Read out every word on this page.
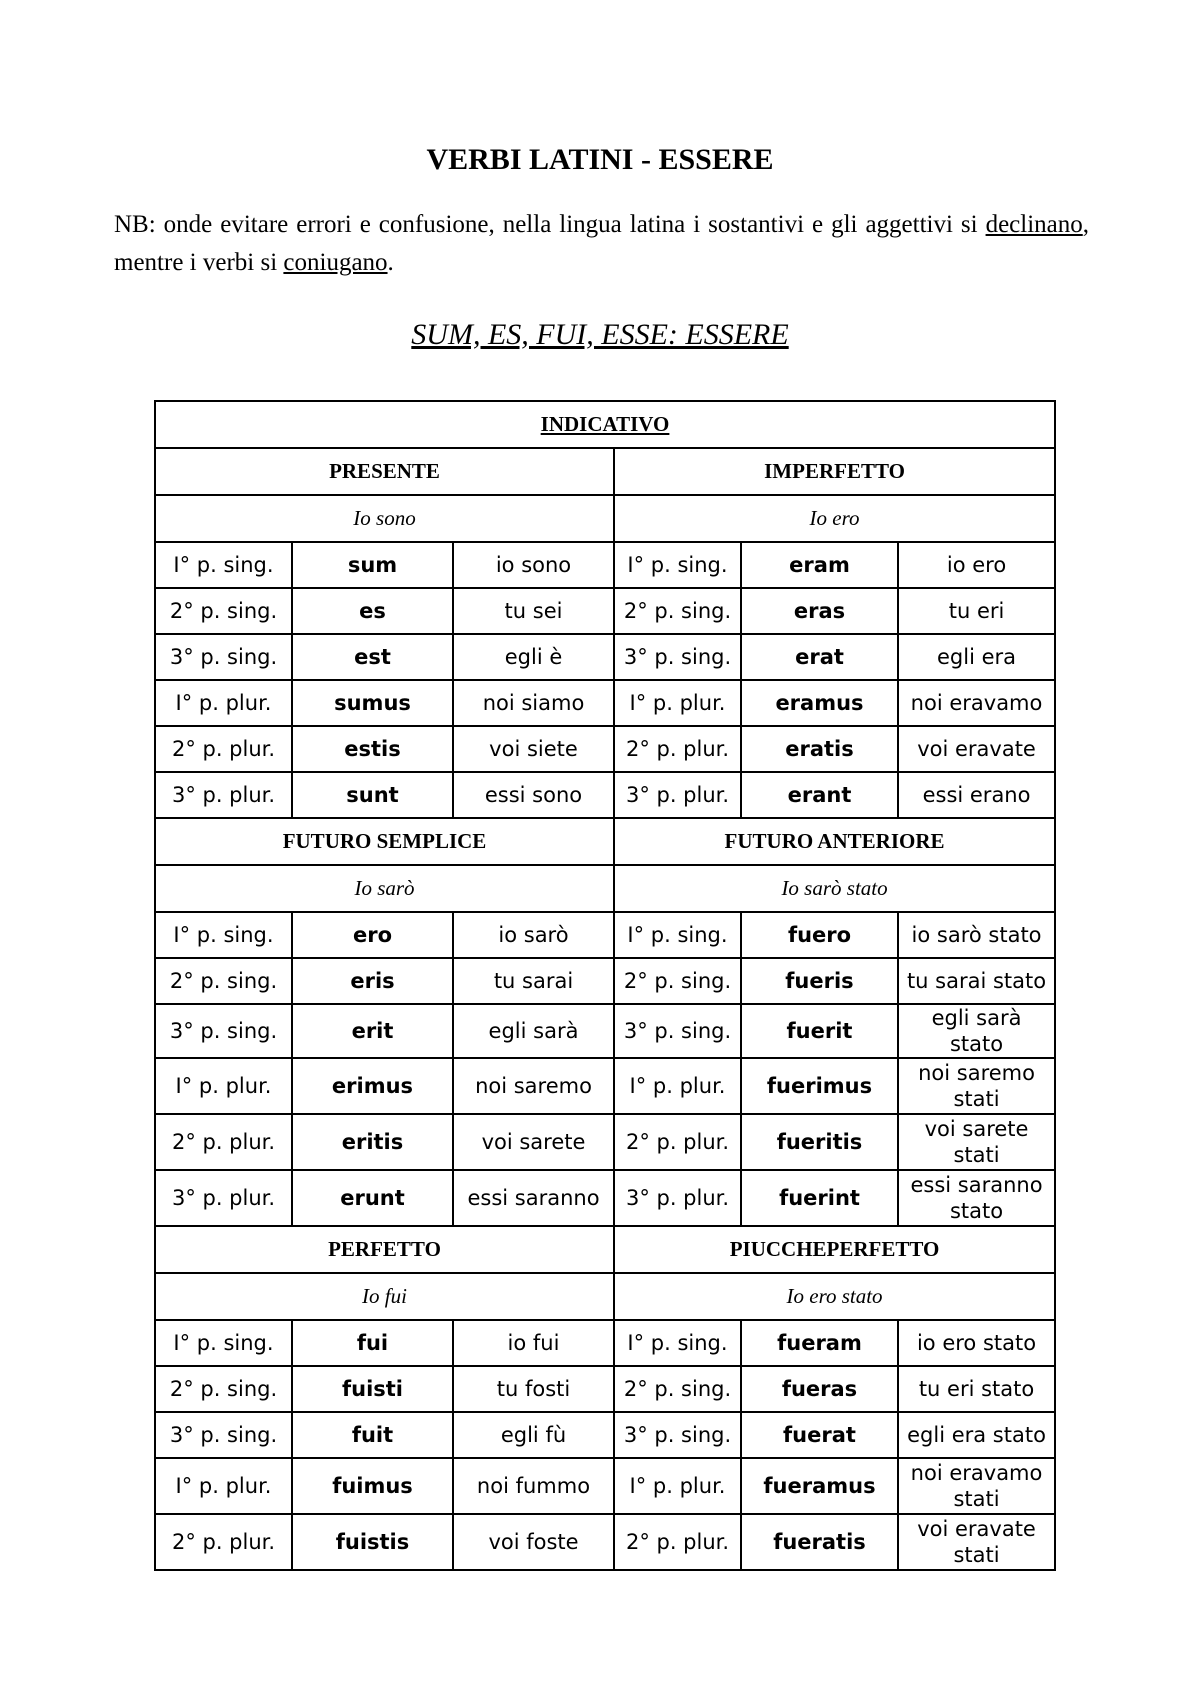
VERBI LATINI - ESSERE
NB: onde evitare errori e confusione, nella lingua latina i sostantivi e gli aggettivi si declinano, mentre i verbi si coniugano.
SUM, ES, FUI, ESSE: ESSERE
INDICATIVO					
PRESENTE			IMPERFETTO		
Io sono			Io ero		
I° p. sing.	sum	io sono	I° p. sing.	eram	io ero
2° p. sing.	es	tu sei	2° p. sing.	eras	tu eri
3° p. sing.	est	egli è	3° p. sing.	erat	egli era
I° p. plur.	sumus	noi siamo	I° p. plur.	eramus	noi eravamo
2° p. plur.	estis	voi siete	2° p. plur.	eratis	voi eravate
3° p. plur.	sunt	essi sono	3° p. plur.	erant	essi erano
FUTURO SEMPLICE			FUTURO ANTERIORE		
Io sarò			Io sarò stato		
I° p. sing.	ero	io sarò	I° p. sing.	fuero	io sarò stato
2° p. sing.	eris	tu sarai	2° p. sing.	fueris	tu sarai stato
3° p. sing.	erit	egli sarà	3° p. sing.	fuerit	egli sarà stato
I° p. plur.	erimus	noi saremo	I° p. plur.	fuerimus	noi saremo stati
2° p. plur.	eritis	voi sarete	2° p. plur.	fueritis	voi sarete stati
3° p. plur.	erunt	essi saranno	3° p. plur.	fuerint	essi saranno stato
PERFETTO			PIUCCHEPERFETTO		
Io fui			Io ero stato		
I° p. sing.	fui	io fui	I° p. sing.	fueram	io ero stato
2° p. sing.	fuisti	tu fosti	2° p. sing.	fueras	tu eri stato
3° p. sing.	fuit	egli fù	3° p. sing.	fuerat	egli era stato
I° p. plur.	fuimus	noi fummo	I° p. plur.	fueramus	noi eravamo stati
2° p. plur.	fuistis	voi foste	2° p. plur.	fueratis	voi eravate stati
